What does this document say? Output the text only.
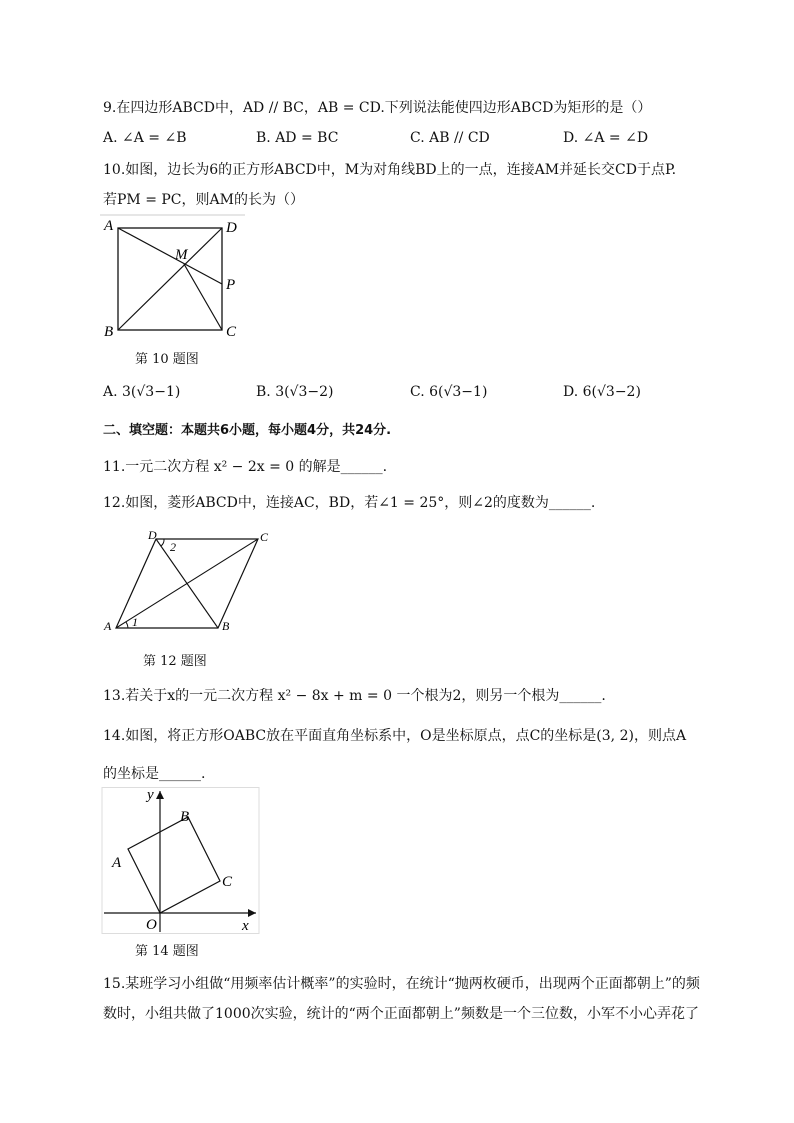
9.在四边形ABCD中，AD // BC，AB = CD.下列说法能使四边形ABCD为矩形的是（）
A. ∠A = ∠B	B. AD = BC	C. AB // CD	D. ∠A = ∠D
10.如图，边长为6的正方形ABCD中，M为对角线BD上的一点，连接AM并延长交CD于点P.
若PM = PC，则AM的长为（）
A	D
M
P
B	C
第 10 题图
A. 3(√3−1)	B. 3(√3−2)	C. 6(√3−1)	D. 6(√3−2)
二、填空题：本题共6小题，每小题4分，共24分.
11.一元二次方程 x² − 2x = 0 的解是______.
12.如图，菱形ABCD中，连接AC，BD，若∠1 = 25°，则∠2的度数为______.
D
2
C
A 1	B
第 12 题图
13.若关于x的一元二次方程 x² − 8x + m = 0 一个根为2，则另一个根为______.
14.如图，将正方形OABC放在平面直角坐标系中，O是坐标原点，点C的坐标是(3, 2)，则点A
的坐标是______.
y
B
A
C
O	x
第 14 题图
15.某班学习小组做“用频率估计概率”的实验时，在统计“抛两枚硬币，出现两个正面都朝上”的频
数时，小组共做了1000次实验，统计的“两个正面都朝上”频数是一个三位数，小军不小心弄花了
